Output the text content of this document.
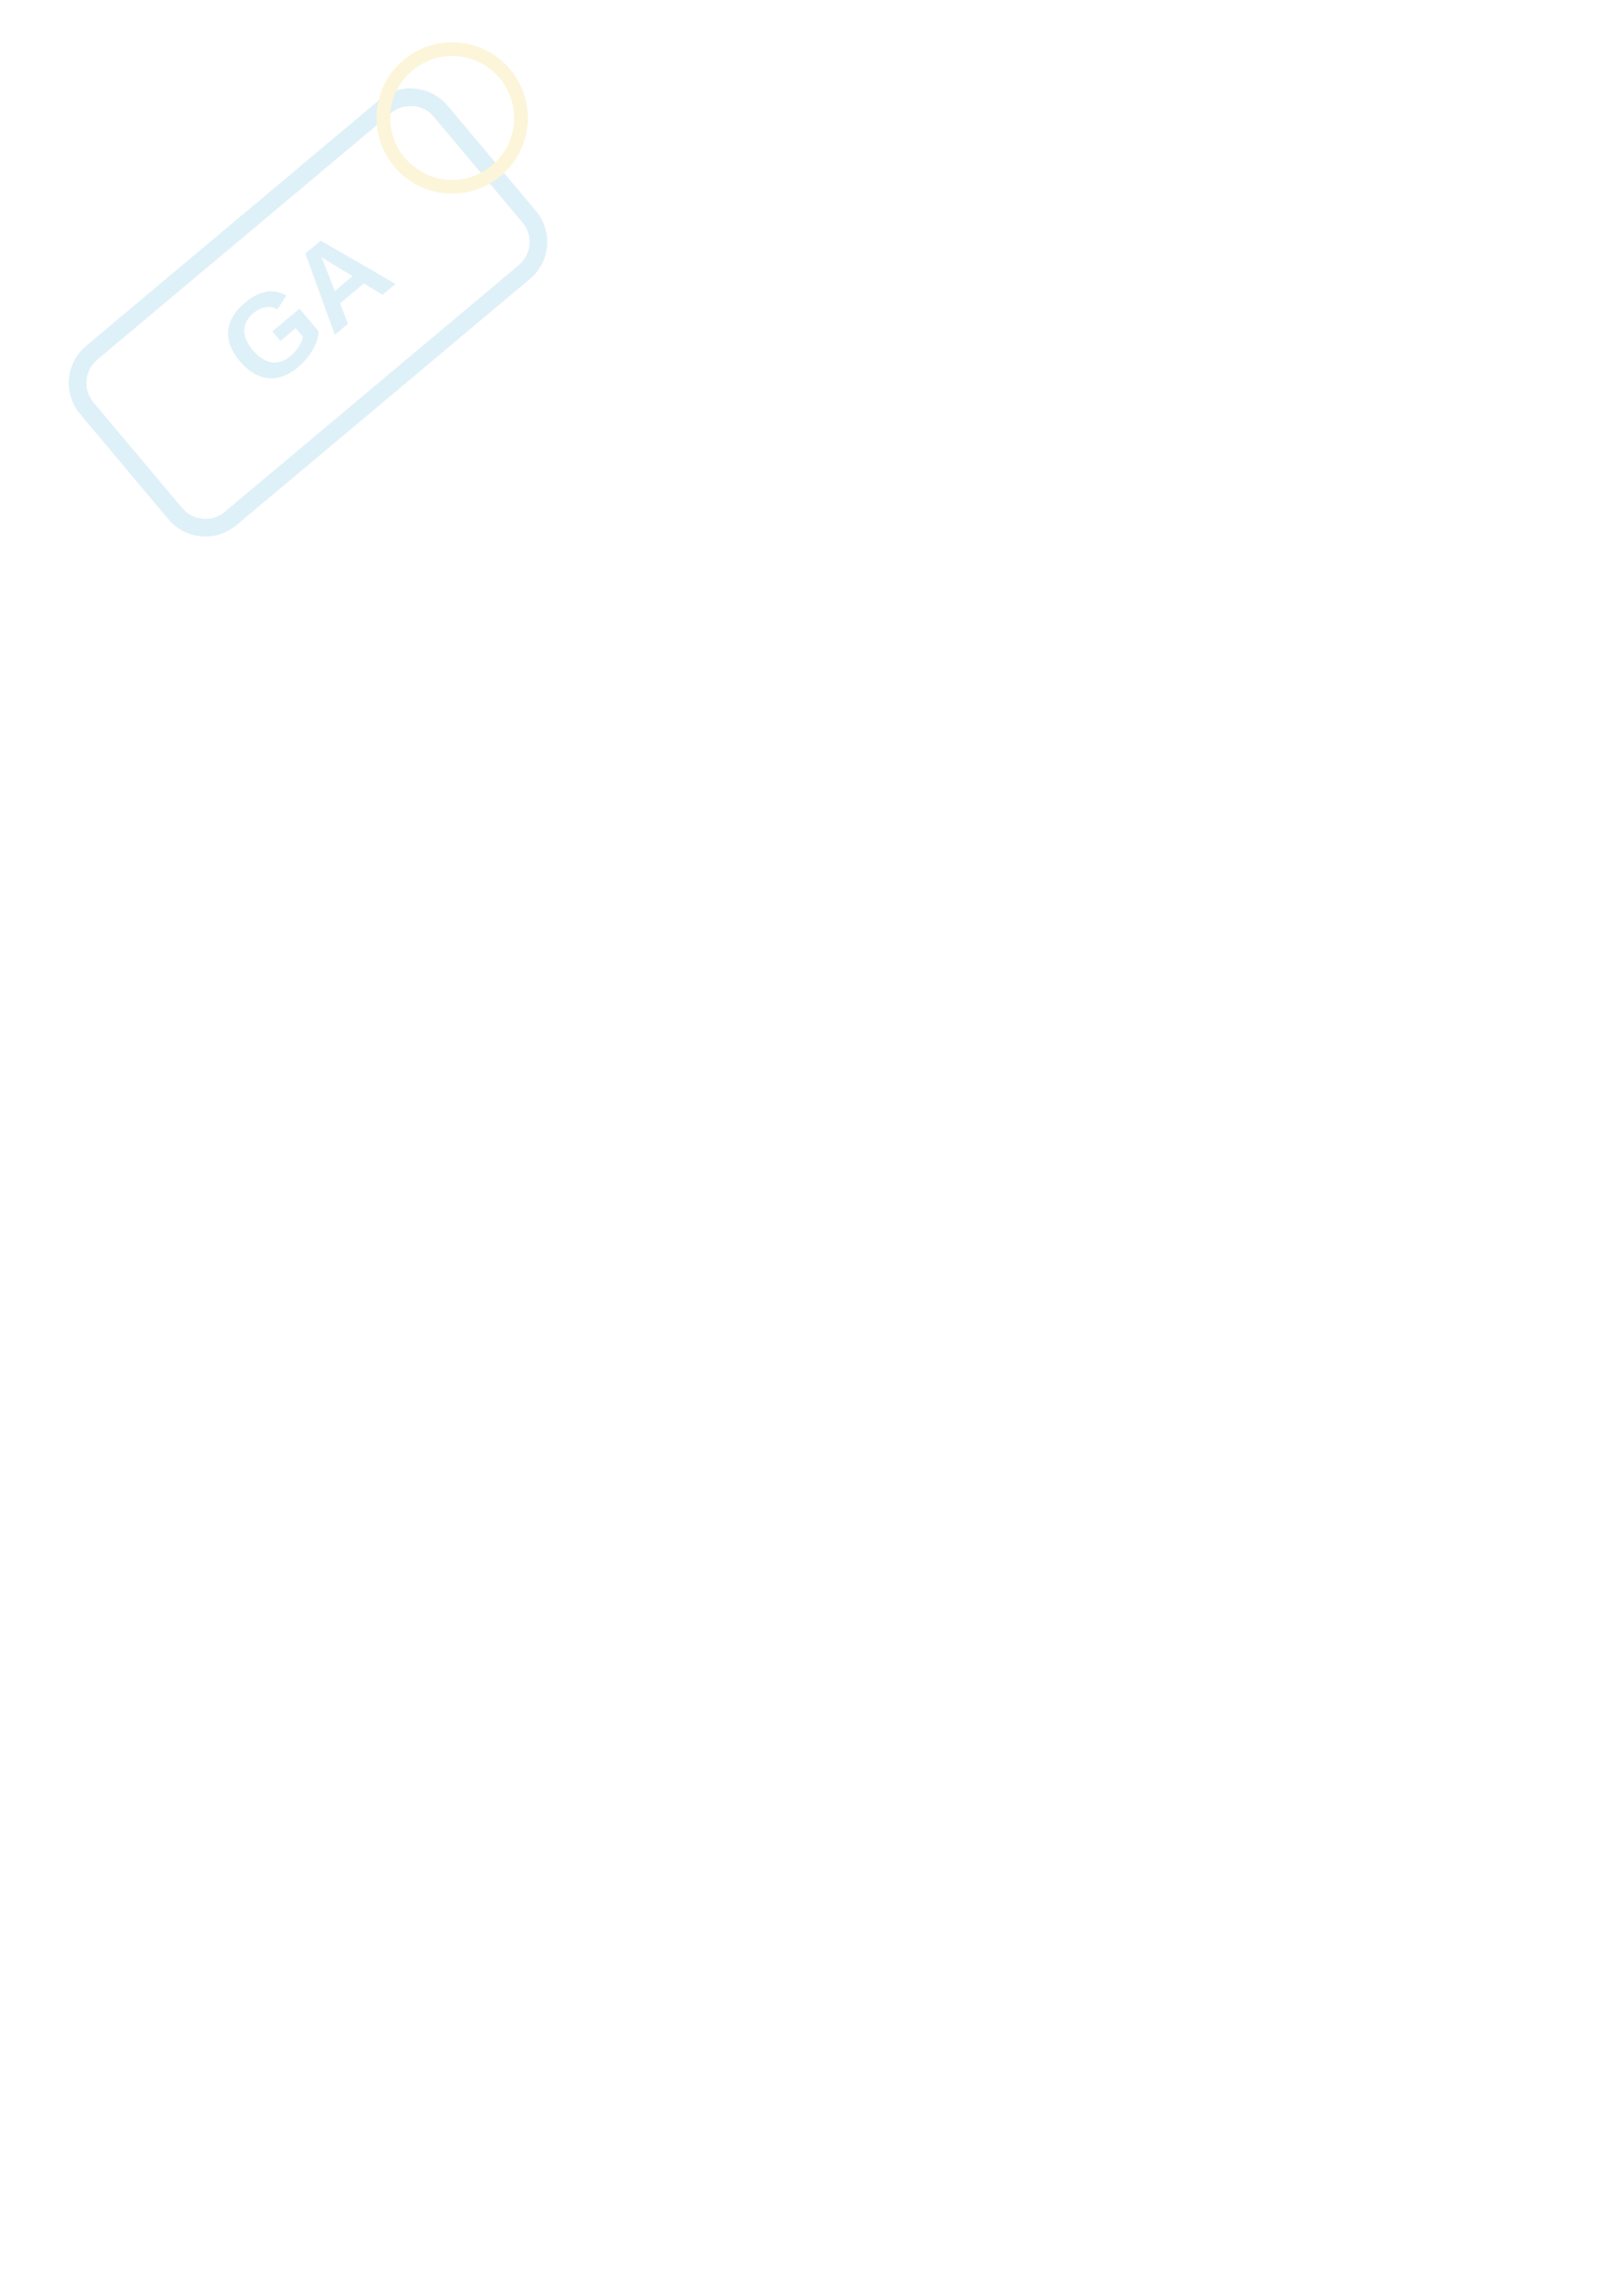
GA
